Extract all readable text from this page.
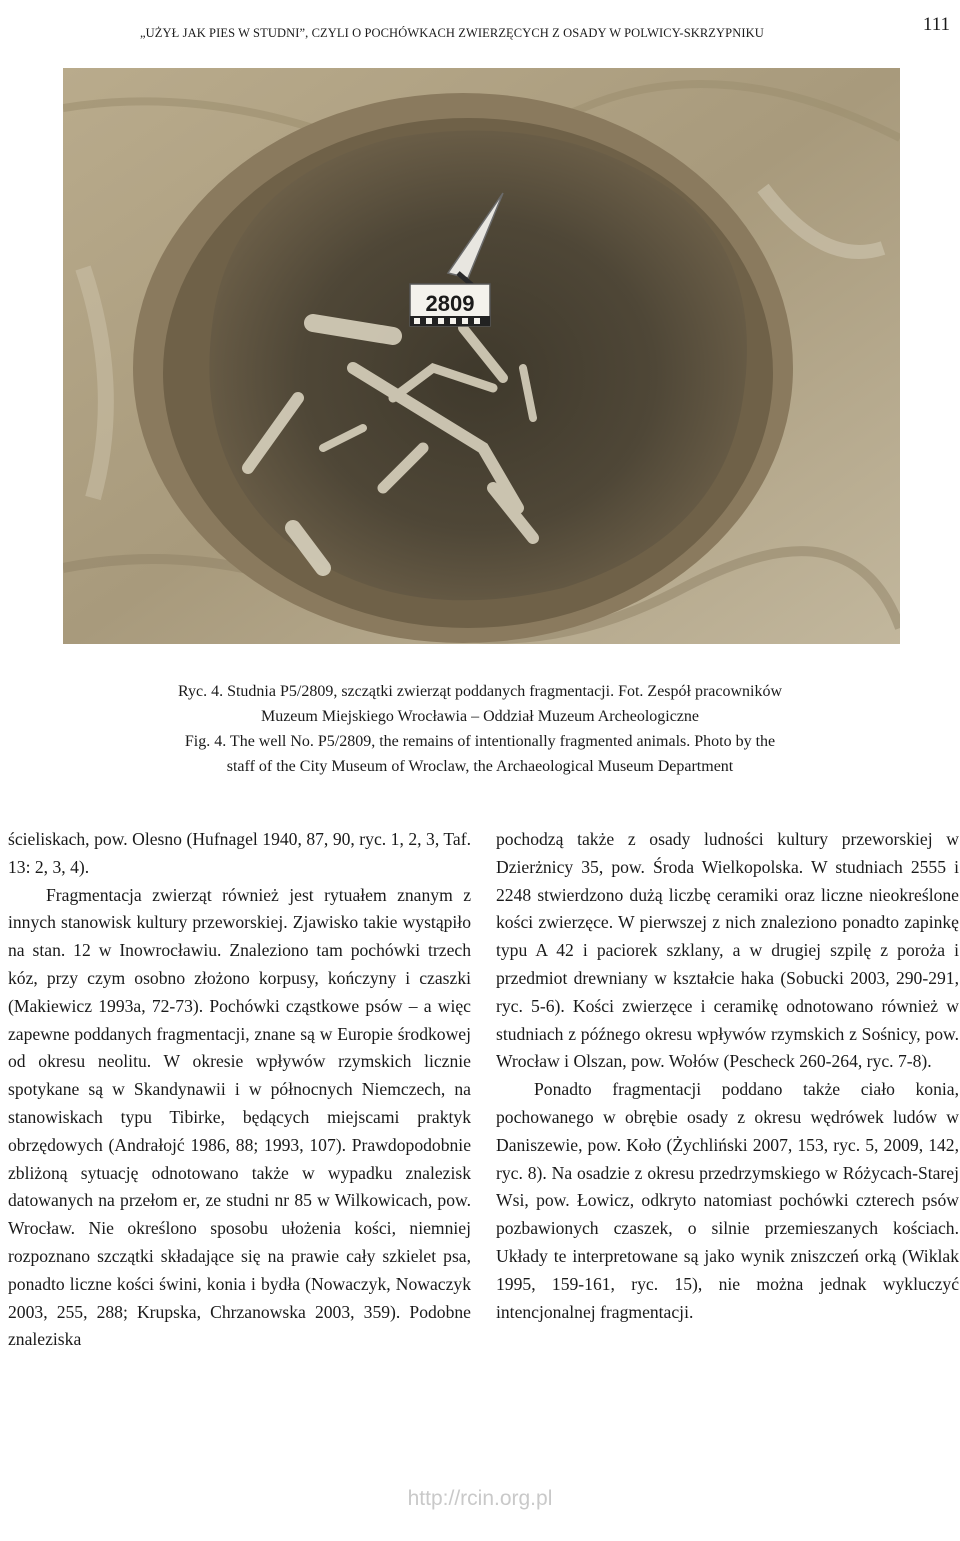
„UŻYŁ JAK PIES W STUDNI”, CZYLI O POCHÓWKACH ZWIERZĘCYCH Z OSADY W POLWICY-SKRZYPNIKU	111
2809
Ryc. 4. Studnia P5/2809, szczątki zwierząt poddanych fragmentacji. Fot. Zespół pracowników
Muzeum Miejskiego Wrocławia – Oddział Muzeum Archeologiczne
Fig. 4. The well No. P5/2809, the remains of intentionally fragmented animals. Photo by the
staff of the City Museum of Wroclaw, the Archaeological Museum Department

ścieliskach, pow. Olesno (Hufnagel 1940, 87, 90, ryc. 1, 2, 3, Taf. 13: 2, 3, 4).

Fragmentacja zwierząt również jest rytuałem znanym z innych stanowisk kultury przeworskiej. Zjawisko takie wystąpiło na stan. 12 w Inowrocławiu. Znaleziono tam pochówki trzech kóz, przy czym osobno złożono korpusy, kończyny i czaszki (Makiewicz 1993a, 72-73). Pochówki cząstkowe psów – a więc zapewne poddanych fragmentacji, znane są w Europie środkowej od okresu neolitu. W okresie wpływów rzymskich licznie spotykane są w Skandynawii i w północnych Niemczech, na stanowiskach typu Tibirke, będących miejscami praktyk obrzędowych (Andrałojć 1986, 88; 1993, 107). Prawdopodobnie zbliżoną sytuację odnotowano także w wypadku znalezisk datowanych na przełom er, ze studni nr 85 w Wilkowicach, pow. Wrocław. Nie określono sposobu ułożenia kości, niemniej rozpoznano szczątki składające się na prawie cały szkielet psa, ponadto liczne kości świni, konia i bydła (Nowaczyk, Nowaczyk 2003, 255, 288; Krupska, Chrzanowska 2003, 359). Podobne znaleziska

pochodzą także z osady ludności kultury przeworskiej w Dzierżnicy 35, pow. Środa Wielkopolska. W studniach 2555 i 2248 stwierdzono dużą liczbę ceramiki oraz liczne nieokreślone kości zwierzęce. W pierwszej z nich znaleziono ponadto zapinkę typu A 42 i paciorek szklany, a w drugiej szpilę z poroża i przedmiot drewniany w kształcie haka (Sobucki 2003, 290-291, ryc. 5-6). Kości zwierzęce i ceramikę odnotowano również w studniach z późnego okresu wpływów rzymskich z Sośnicy, pow. Wrocław i Olszan, pow. Wołów (Pescheck 260-264, ryc. 7-8).

Ponadto fragmentacji poddano także ciało konia, pochowanego w obrębie osady z okresu wędrówek ludów w Daniszewie, pow. Koło (Żychliński 2007, 153, ryc. 5, 2009, 142, ryc. 8). Na osadzie z okresu przedrzymskiego w Różycach-Starej Wsi, pow. Łowicz, odkryto natomiast pochówki czterech psów pozbawionych czaszek, o silnie przemieszanych kościach. Układy te interpretowane są jako wynik zniszczeń orką (Wiklak 1995, 159-161, ryc. 15), nie można jednak wykluczyć intencjonalnej fragmentacji.

http://rcin.org.pl
